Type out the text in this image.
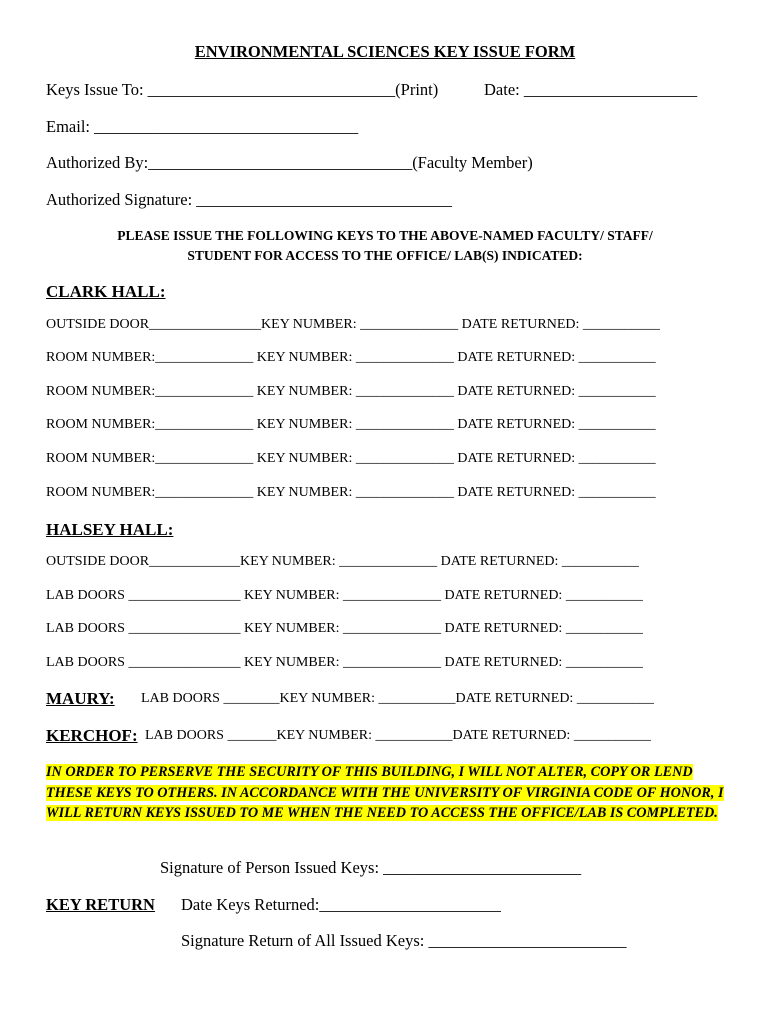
ENVIRONMENTAL SCIENCES KEY ISSUE FORM
Keys Issue To: ______________________________(Print)	Date: _____________________
Email: ________________________________
Authorized By:________________________________(Faculty Member)
Authorized Signature: _______________________________
PLEASE ISSUE THE FOLLOWING KEYS TO THE ABOVE-NAMED FACULTY/ STAFF/
STUDENT FOR ACCESS TO THE OFFICE/ LAB(S) INDICATED:
CLARK HALL:
OUTSIDE DOOR________________KEY NUMBER: ______________ DATE RETURNED: ___________
ROOM NUMBER:______________ KEY NUMBER: ______________ DATE RETURNED: ___________
ROOM NUMBER:______________ KEY NUMBER: ______________ DATE RETURNED: ___________
ROOM NUMBER:______________ KEY NUMBER: ______________ DATE RETURNED: ___________
ROOM NUMBER:______________ KEY NUMBER: ______________ DATE RETURNED: ___________
ROOM NUMBER:______________ KEY NUMBER: ______________ DATE RETURNED: ___________
HALSEY HALL:
OUTSIDE DOOR_____________KEY NUMBER: ______________ DATE RETURNED: ___________
LAB DOORS ________________ KEY NUMBER: ______________ DATE RETURNED: ___________
LAB DOORS ________________ KEY NUMBER: ______________ DATE RETURNED: ___________
LAB DOORS ________________ KEY NUMBER: ______________ DATE RETURNED: ___________
MAURY: LAB DOORS ________KEY NUMBER: ___________DATE RETURNED: ___________
KERCHOF: LAB DOORS _______KEY NUMBER: ___________DATE RETURNED: ___________
IN ORDER TO PERSERVE THE SECURITY OF THIS BUILDING, I WILL NOT ALTER, COPY OR LEND THESE KEYS TO OTHERS. IN ACCORDANCE WITH THE UNIVERSITY OF VIRGINIA CODE OF HONOR, I WILL RETURN KEYS ISSUED TO ME WHEN THE NEED TO ACCESS THE OFFICE/LAB IS COMPLETED.
Signature of Person Issued Keys: ________________________
KEY RETURN Date Keys Returned:______________________
Signature Return of All Issued Keys: ________________________
